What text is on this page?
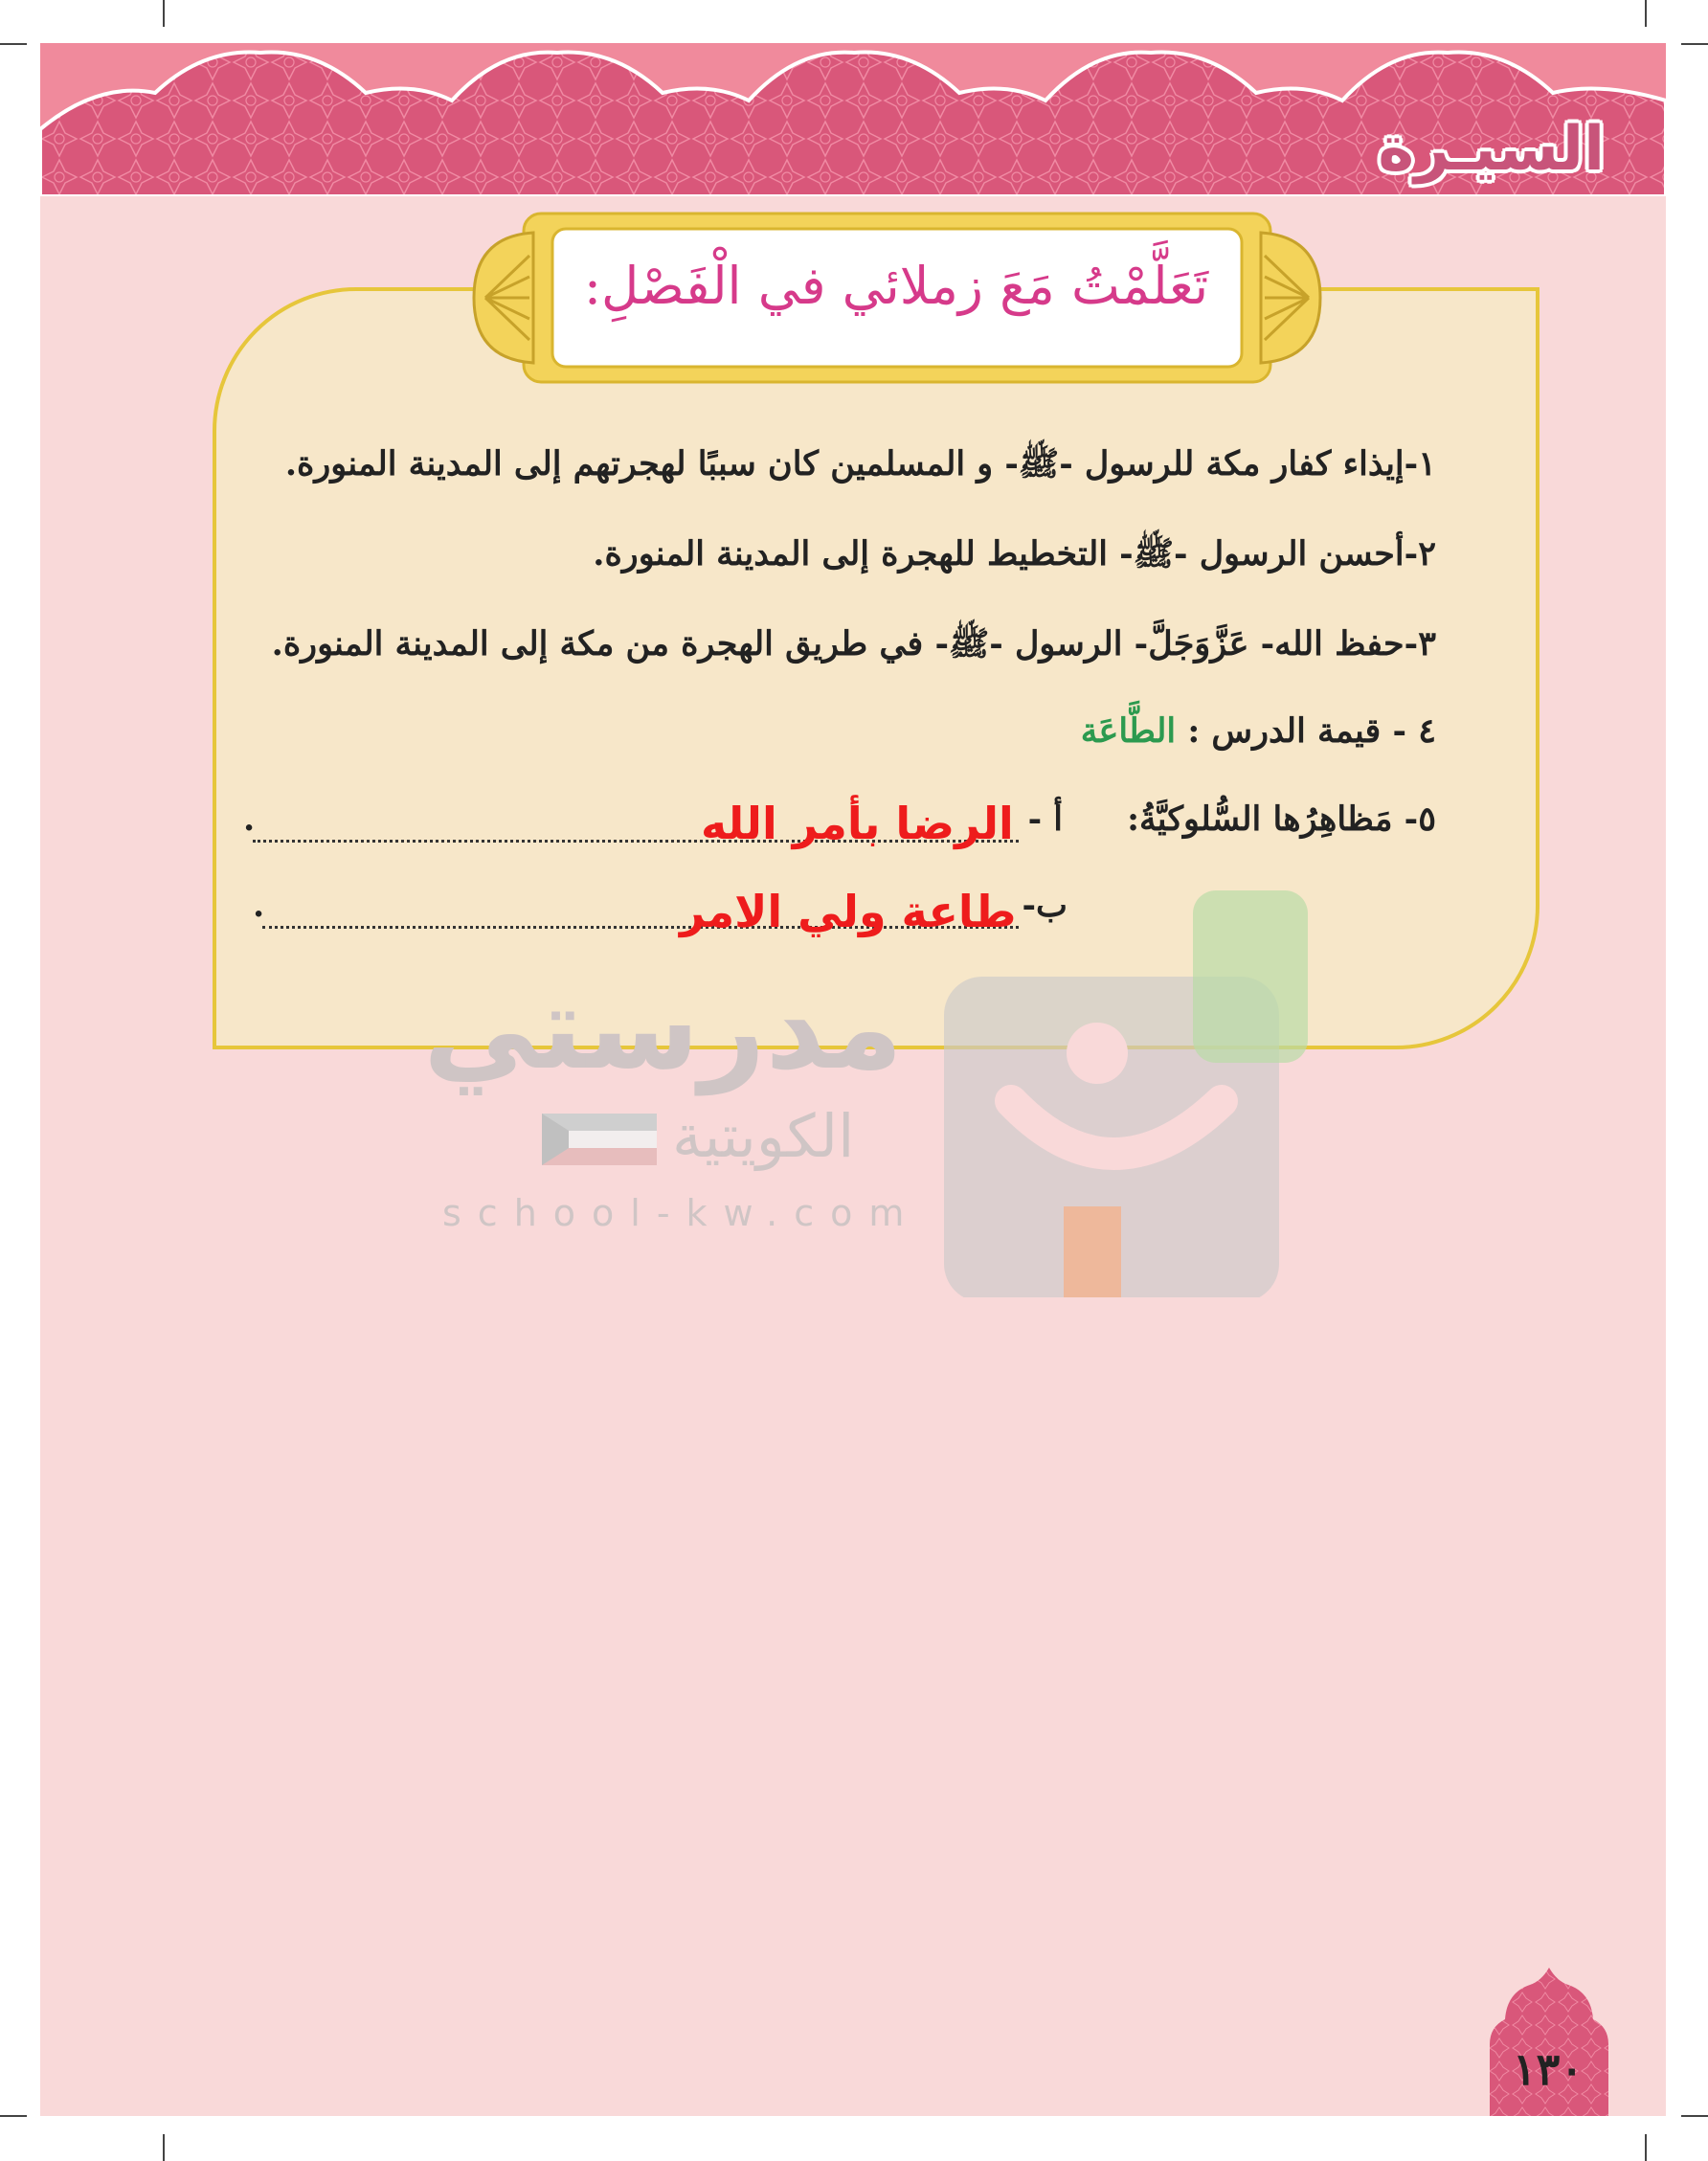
السيـرة
تَعَلَّمْتُ مَعَ زملائي في الْفَصْلِ:
١-إيذاء كفار مكة للرسول -ﷺ- و المسلمين كان سببًا لهجرتهم إلى المدينة المنورة.
٢-أحسن الرسول -ﷺ- التخطيط للهجرة إلى المدينة المنورة.
٣-حفظ الله- عَزَّوَجَلَّ- الرسول -ﷺ- في طريق الهجرة من مكة إلى المدينة المنورة.
٤ - قيمة الدرس : الطَّاعَة
٥- مَظاهِرُها السُّلوكيَّةُ:
أ -
.	الرضا بأمر الله
ب-
.	طاعة ولي الامر
مدرستي
الكويتية
school-kw.com
١٣٠
